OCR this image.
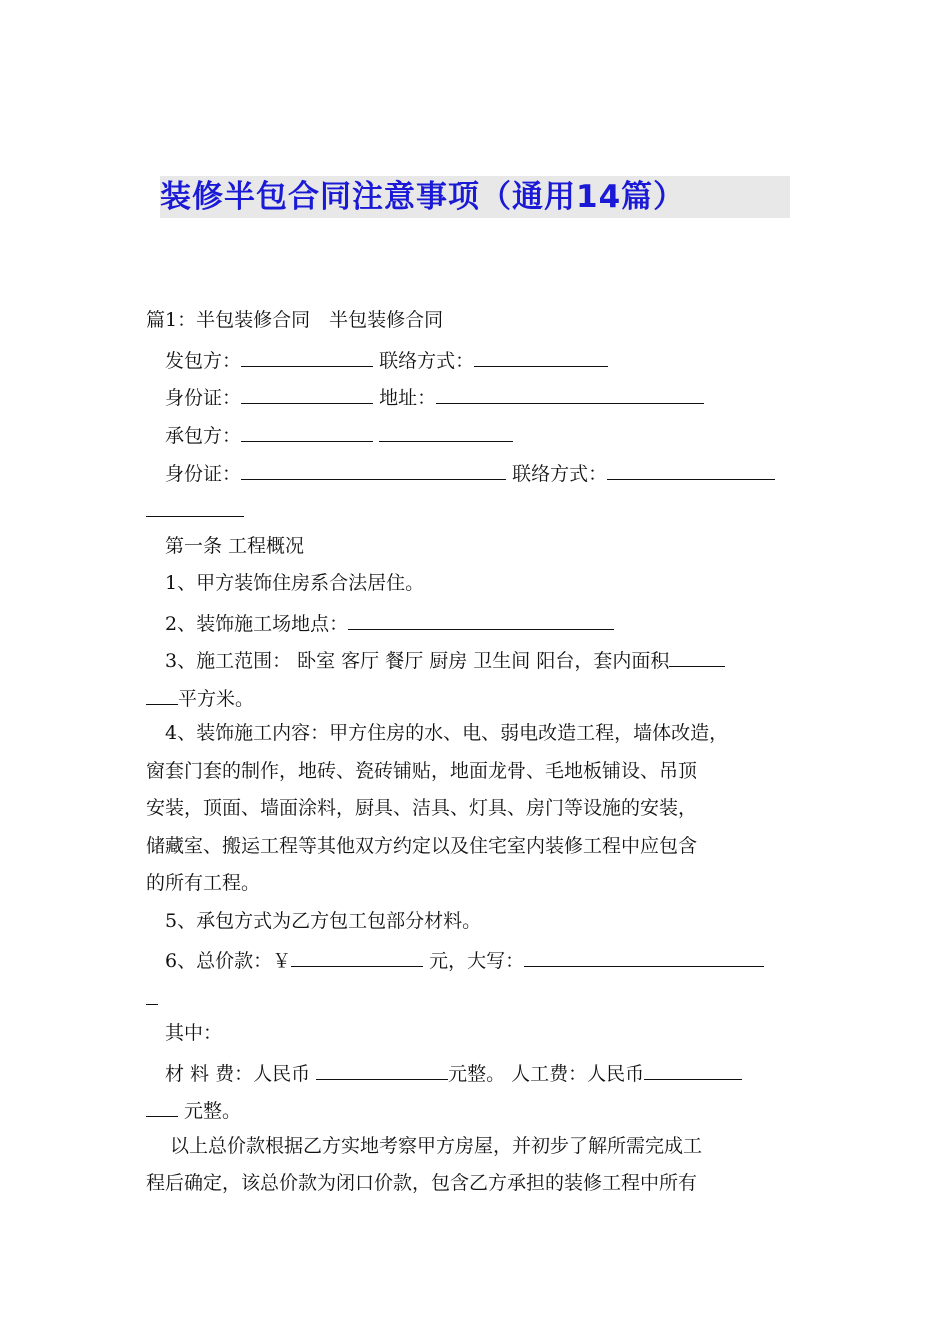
装修半包合同注意事项（通用14篇）
篇1：半包装修合同　半包装修合同
发包方：	联络方式：
身份证：	地址：
承包方：
身份证：	联络方式：
第一条 工程概况
1、甲方装饰住房系合法居住。
2、装饰施工场地点：
3、施工范围： 卧室 客厅 餐厅 厨房 卫生间 阳台，套内面积
平方米。
4、装饰施工内容：甲方住房的水、电、弱电改造工程，墙体改造，
窗套门套的制作，地砖、瓷砖铺贴，地面龙骨、毛地板铺设、吊顶
安装，顶面、墙面涂料，厨具、洁具、灯具、房门等设施的安装，
储藏室、搬运工程等其他双方约定以及住宅室内装修工程中应包含
的所有工程。
5、承包方式为乙方包工包部分材料。
6、总价款：￥	元，大写：
其中：
材 料 费：人民币	元整。 人工费：人民币
元整。
以上总价款根据乙方实地考察甲方房屋，并初步了解所需完成工
程后确定，该总价款为闭口价款，包含乙方承担的装修工程中所有
